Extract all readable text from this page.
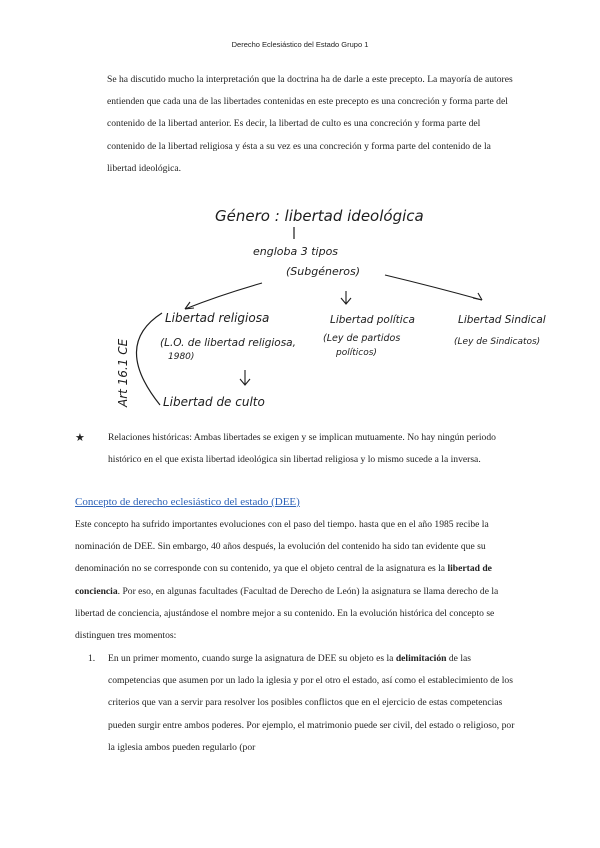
Derecho Eclesiástico del Estado Grupo 1

Se ha discutido mucho la interpretación que la doctrina ha de darle a este precepto. La mayoría de autores entienden que cada una de las libertades contenidas en este precepto es una concreción y forma parte del contenido de la libertad anterior. Es decir, la libertad de culto es una concreción y forma parte del contenido de la libertad religiosa y ésta a su vez es una concreción y forma parte del contenido de la libertad ideológica.

Género : libertad ideológica
engloba 3 tipos
(Subgéneros)
Art 16.1 CE
Libertad religiosa
(L.O. de libertad religiosa,
1980)
Libertad de culto
Libertad política
(Ley de partidos
políticos)
Libertad Sindical
(Ley de Sindicatos)
★ Relaciones históricas: Ambas libertades se exigen y se implican mutuamente. No hay ningún periodo histórico en el que exista libertad ideológica sin libertad religiosa y lo mismo sucede a la inversa.

Concepto de derecho eclesiástico del estado (DEE)

Este concepto ha sufrido importantes evoluciones con el paso del tiempo. hasta que en el año 1985 recibe la nominación de DEE. Sin embargo, 40 años después, la evolución del contenido ha sido tan evidente que su denominación no se corresponde con su contenido, ya que el objeto central de la asignatura es la libertad de conciencia. Por eso, en algunas facultades (Facultad de Derecho de León) la asignatura se llama derecho de la libertad de conciencia, ajustándose el nombre mejor a su contenido. En la evolución histórica del concepto se distinguen tres momentos:

1. En un primer momento, cuando surge la asignatura de DEE su objeto es la delimitación de las competencias que asumen por un lado la iglesia y por el otro el estado, así como el establecimiento de los criterios que van a servir para resolver los posibles conflictos que en el ejercicio de estas competencias pueden surgir entre ambos poderes. Por ejemplo, el matrimonio puede ser civil, del estado o religioso, por la iglesia ambos pueden regularlo (por
